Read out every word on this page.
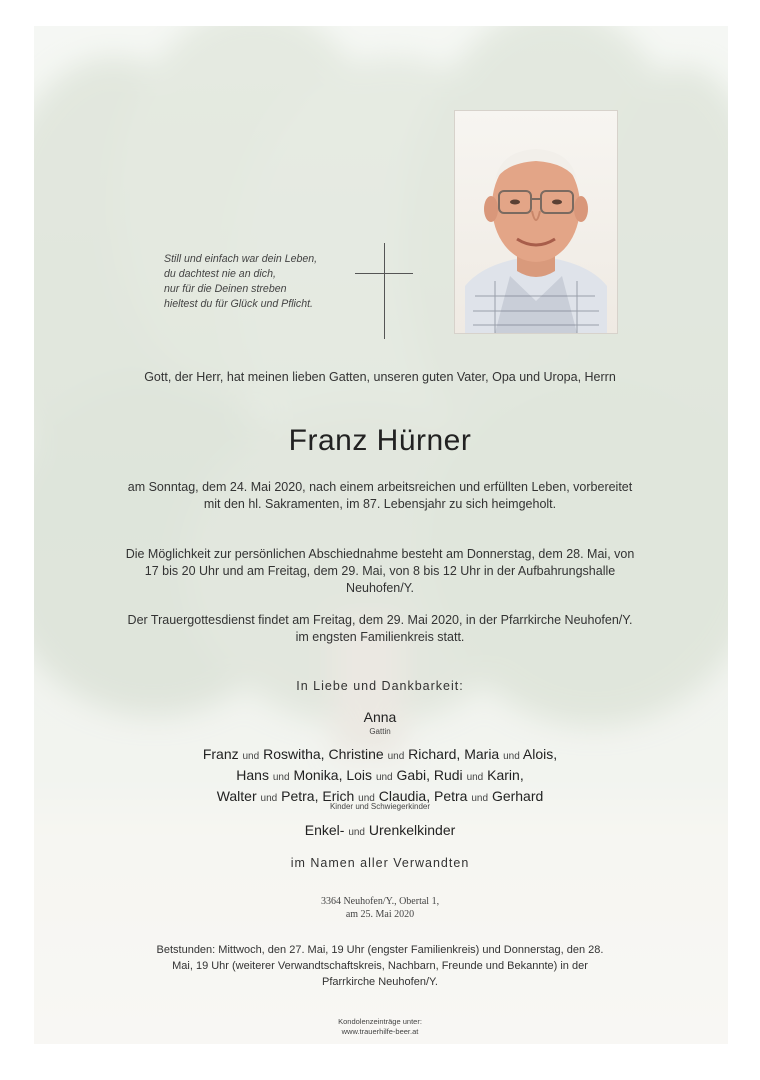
Still und einfach war dein Leben,
du dachtest nie an dich,
nur für die Deinen streben
hieltest du für Glück und Pflicht.
Gott, der Herr, hat meinen lieben Gatten, unseren guten Vater, Opa und Uropa, Herrn
Franz Hürner
am Sonntag, dem 24. Mai 2020, nach einem arbeitsreichen und erfüllten Leben, vorbereitet mit den hl. Sakramenten, im 87. Lebensjahr zu sich heimgeholt.
Die Möglichkeit zur persönlichen Abschiednahme besteht am Donnerstag, dem 28. Mai, von 17 bis 20 Uhr und am Freitag, dem 29. Mai, von 8 bis 12 Uhr in der Aufbahrungshalle Neuhofen/Y.
Der Trauergottesdienst findet am Freitag, dem 29. Mai 2020, in der Pfarrkirche Neuhofen/Y. im engsten Familienkreis statt.
In Liebe und Dankbarkeit:
Anna
Gattin
Franz und Roswitha, Christine und Richard, Maria und Alois,
Hans und Monika, Lois und Gabi, Rudi und Karin,
Walter und Petra, Erich und Claudia, Petra und Gerhard
Kinder und Schwiegerkinder
Enkel- und Urenkelkinder
im Namen aller Verwandten
3364 Neuhofen/Y., Obertal 1,
am 25. Mai 2020
Betstunden: Mittwoch, den 27. Mai, 19 Uhr (engster Familienkreis) und Donnerstag, den 28. Mai, 19 Uhr (weiterer Verwandtschaftskreis, Nachbarn, Freunde und Bekannte) in der Pfarrkirche Neuhofen/Y.
Kondolenzeinträge unter:
www.trauerhilfe-beer.at
